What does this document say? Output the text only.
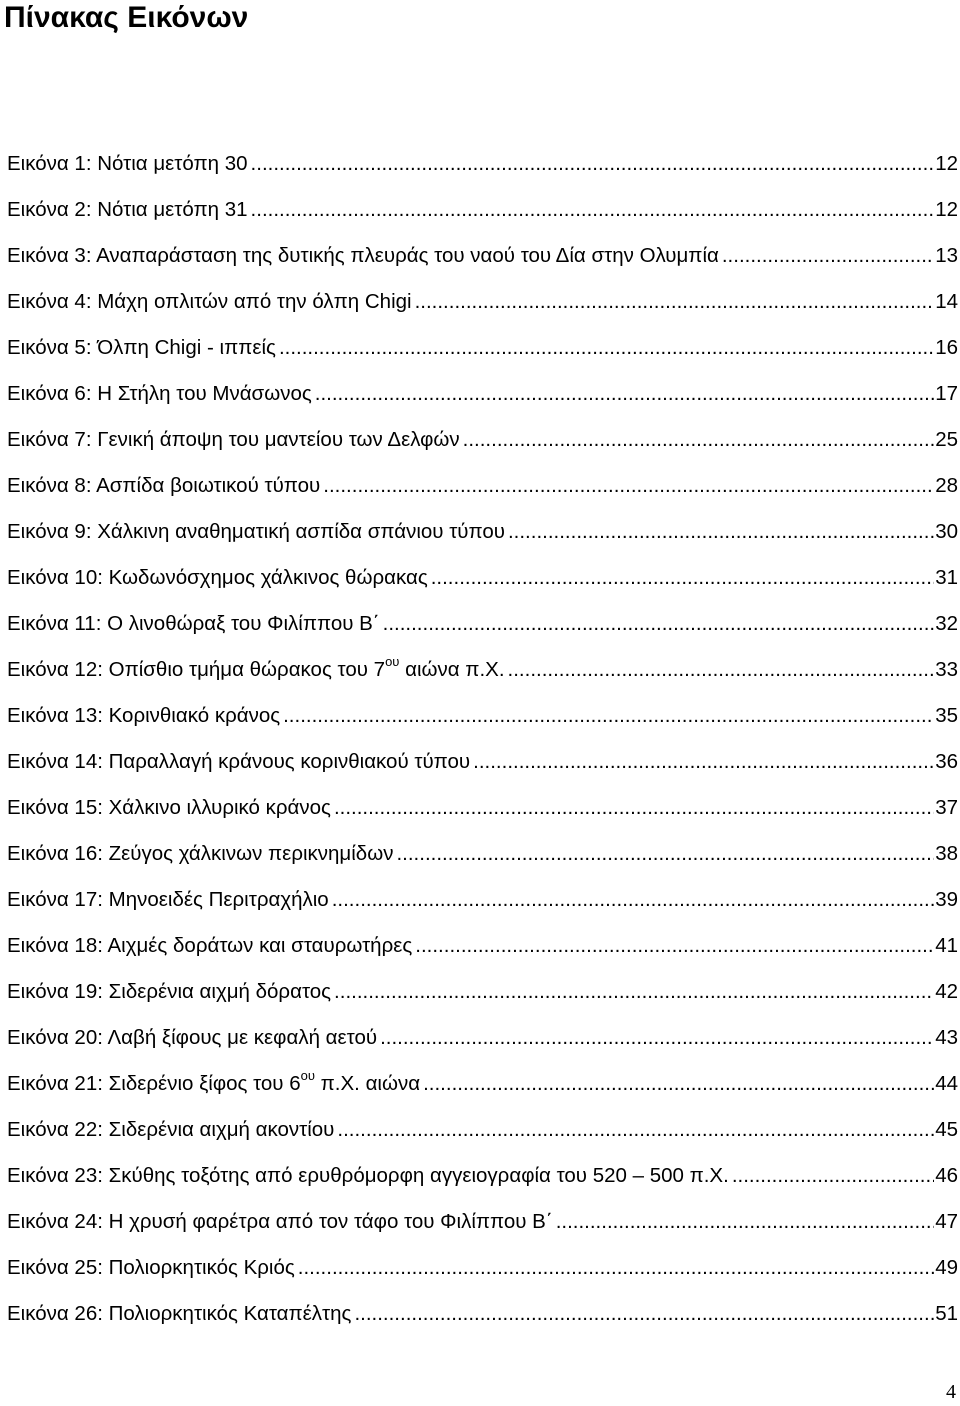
Πίνακας Εικόνων
Εικόνα 1: Νότια μετόπη 30 .....	12
Εικόνα 2: Νότια μετόπη 31 .....	12
Εικόνα 3: Αναπαράσταση της δυτικής πλευράς του ναού του Δία στην Ολυμπία .....	13
Εικόνα 4: Μάχη οπλιτών από την όλπη Chigi .....	14
Εικόνα 5: Όλπη Chigi - ιππείς .....	16
Εικόνα 6: Η Στήλη του Μνάσωνος .....	17
Εικόνα 7: Γενική άποψη του μαντείου των Δελφών .....	25
Εικόνα 8: Ασπίδα βοιωτικού τύπου .....	28
Εικόνα 9: Χάλκινη αναθηματική ασπίδα σπάνιου τύπου .....	30
Εικόνα 10: Κωδωνόσχημος χάλκινος θώρακας .....	31
Εικόνα 11: Ο λινοθώραξ του Φιλίππου Β΄ .....	32
Εικόνα 12: Οπίσθιο τμήμα θώρακος του $7^{o\upsilon}$ αιώνα π.Χ. .....	33
Εικόνα 13: Κορινθιακό κράνος .....	35
Εικόνα 14: Παραλλαγή κράνους κορινθιακού τύπου .....	36
Εικόνα 15: Χάλκινο ιλλυρικό κράνος .....	37
Εικόνα 16: Ζεύγος χάλκινων περικνημίδων .....	38
Εικόνα 17: Μηνοειδές Περιτραχήλιο .....	39
Εικόνα 18: Αιχμές δοράτων και σταυρωτήρες .....	41
Εικόνα 19: Σιδερένια αιχμή δόρατος .....	42
Εικόνα 20: Λαβή ξίφους με κεφαλή αετού .....	43
Εικόνα 21: Σιδερένιο ξίφος του $6^{o\upsilon}$ π.Χ. αιώνα .....	44
Εικόνα 22: Σιδερένια αιχμή ακοντίου .....	45
Εικόνα 23: Σκύθης τοξότης από ερυθρόμορφη αγγειογραφία του 520 – 500 π.Χ. .....	46
Εικόνα 24: Η χρυσή φαρέτρα από τον τάφο του Φιλίππου Β΄ .....	47
Εικόνα 25: Πολιορκητικός Κριός .....	49
Εικόνα 26: Πολιορκητικός Καταπέλτης .....	51
4
